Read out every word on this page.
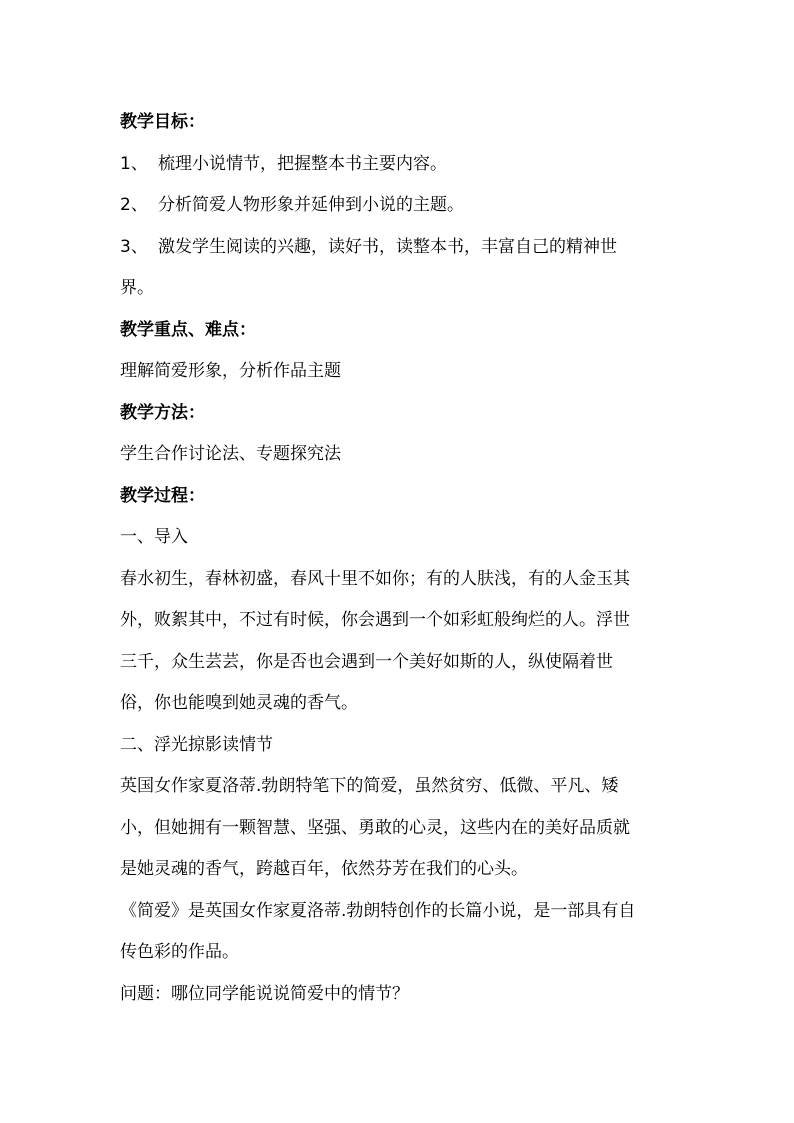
教学目标：

1、 梳理小说情节，把握整本书主要内容。

2、 分析简爱人物形象并延伸到小说的主题。

3、 激发学生阅读的兴趣，读好书，读整本书，丰富自己的精神世

界。

教学重点、难点：

理解简爱形象，分析作品主题

教学方法：

学生合作讨论法、专题探究法

教学过程：

一、导入

春水初生，春林初盛，春风十里不如你；有的人肤浅，有的人金玉其

外，败絮其中，不过有时候，你会遇到一个如彩虹般绚烂的人。浮世

三千，众生芸芸，你是否也会遇到一个美好如斯的人，纵使隔着世

俗，你也能嗅到她灵魂的香气。

二、浮光掠影读情节

英国女作家夏洛蒂.勃朗特笔下的简爱，虽然贫穷、低微、平凡、矮

小，但她拥有一颗智慧、坚强、勇敢的心灵，这些内在的美好品质就

是她灵魂的香气，跨越百年，依然芬芳在我们的心头。

《简爱》是英国女作家夏洛蒂.勃朗特创作的长篇小说，是一部具有自

传色彩的作品。

问题：哪位同学能说说简爱中的情节？
